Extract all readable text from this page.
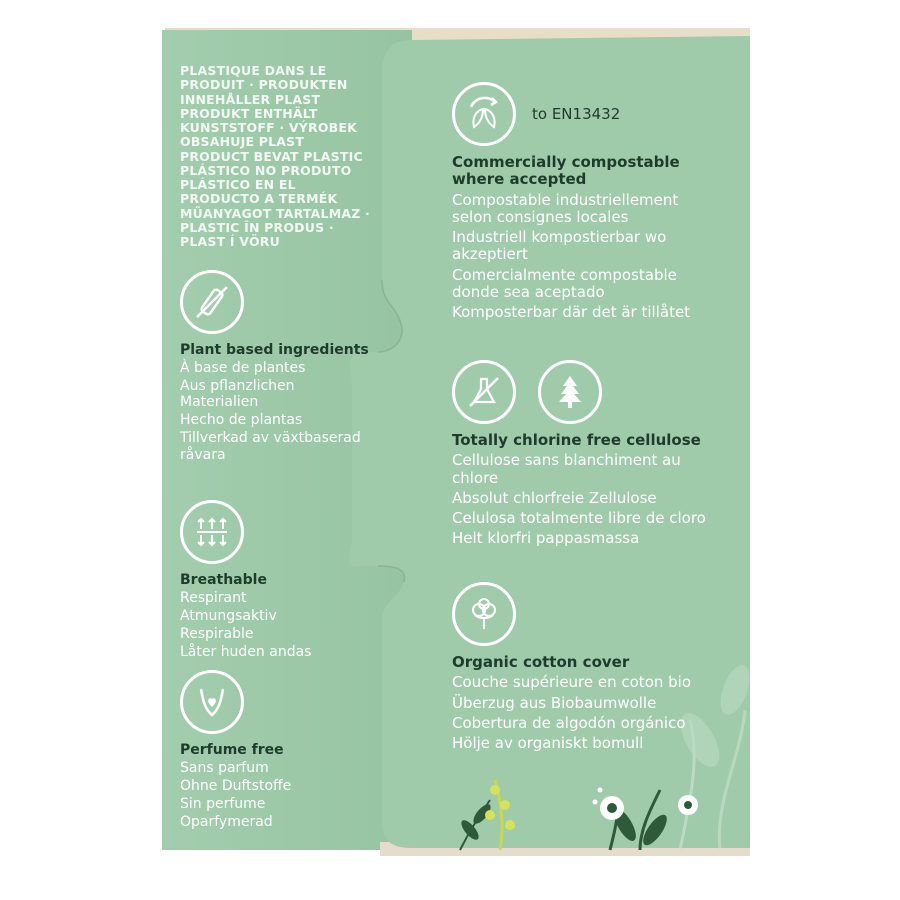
PLASTIQUE DANS LE PRODUIT · PRODUKTEN INNEHÅLLER PLAST PRODUKT ENTHÄLT KUNSTSTOFF · VÝROBEK OBSAHUJE PLAST PRODUCT BEVAT PLASTIC PLÁSTICO NO PRODUTO PLÁSTICO EN EL PRODUCTO A TERMÉK MŰANYAGOT TARTALMAZ · PLASTIC ÎN PRODUS · PLAST Í VÖRU
Plant based ingredients
À base de plantes
Aus pflanzlichen Materialien
Hecho de plantas
Tillverkad av växtbaserad råvara
Breathable
Respirant
Atmungsaktiv
Respirable
Låter huden andas
Perfume free
Sans parfum
Ohne Duftstoffe
Sin perfume
Oparfymerad
to EN13432
Commercially compostable where accepted
Compostable industriellement selon consignes locales
Industriell kompostierbar wo akzeptiert
Comercialmente compostable donde sea aceptado
Komposterbar där det är tillåtet
Totally chlorine free cellulose
Cellulose sans blanchiment au chlore
Absolut chlorfreie Zellulose
Celulosa totalmente libre de cloro
Helt klorfri pappasmassa
Organic cotton cover
Couche supérieure en coton bio
Überzug aus Biobaumwolle
Cobertura de algodón orgánico
Hölje av organiskt bomull
